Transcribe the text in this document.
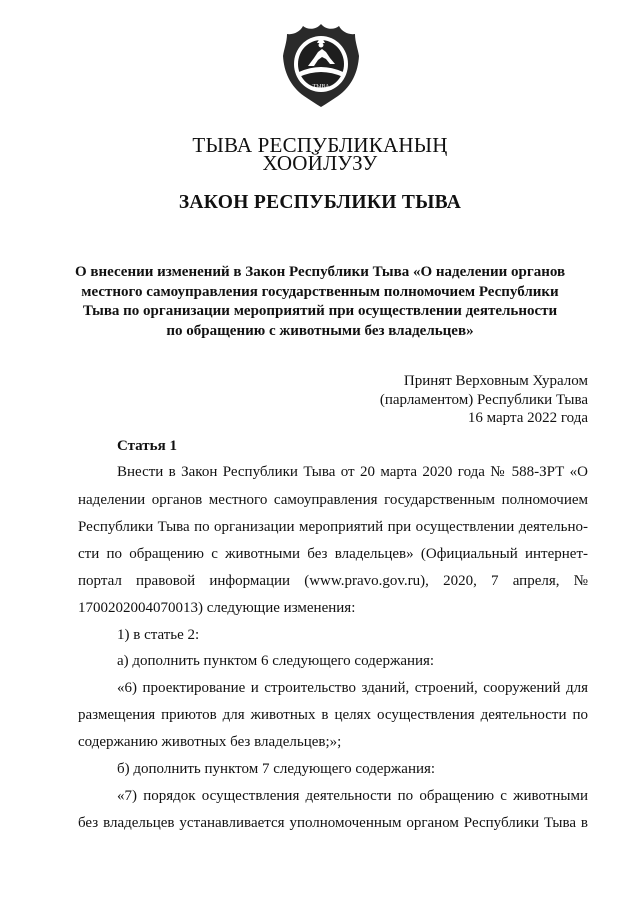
ТЫВА
ТЫВА РЕСПУБЛИКАНЫҢ
ХООЙЛУЗУ
ЗАКОН РЕСПУБЛИКИ ТЫВА
О внесении изменений в Закон Республики Тыва «О наделении органов
местного самоуправления государственным полномочием Республики
Тыва по организации мероприятий при осуществлении деятельности
по обращению с животными без владельцев»
Принят Верховным Хуралом
(парламентом) Республики Тыва
16 марта 2022 года
Статья 1
Внести в Закон Республики Тыва от 20 марта 2020 года № 588-ЗРТ «О
наделении органов местного самоуправления государственным полномочием
Республики Тыва по организации мероприятий при осуществлении деятельно-
сти по обращению с животными без владельцев» (Официальный интернет-
портал правовой информации (www.pravo.gov.ru), 2020, 7 апреля, №
1700202004070013) следующие изменения:
1) в статье 2:
а) дополнить пунктом 6 следующего содержания:
«6) проектирование и строительство зданий, строений, сооружений для
размещения приютов для животных в целях осуществления деятельности по
содержанию животных без владельцев;»;
б) дополнить пунктом 7 следующего содержания:
«7) порядок осуществления деятельности по обращению с животными
без владельцев устанавливается уполномоченным органом Республики Тыва в
